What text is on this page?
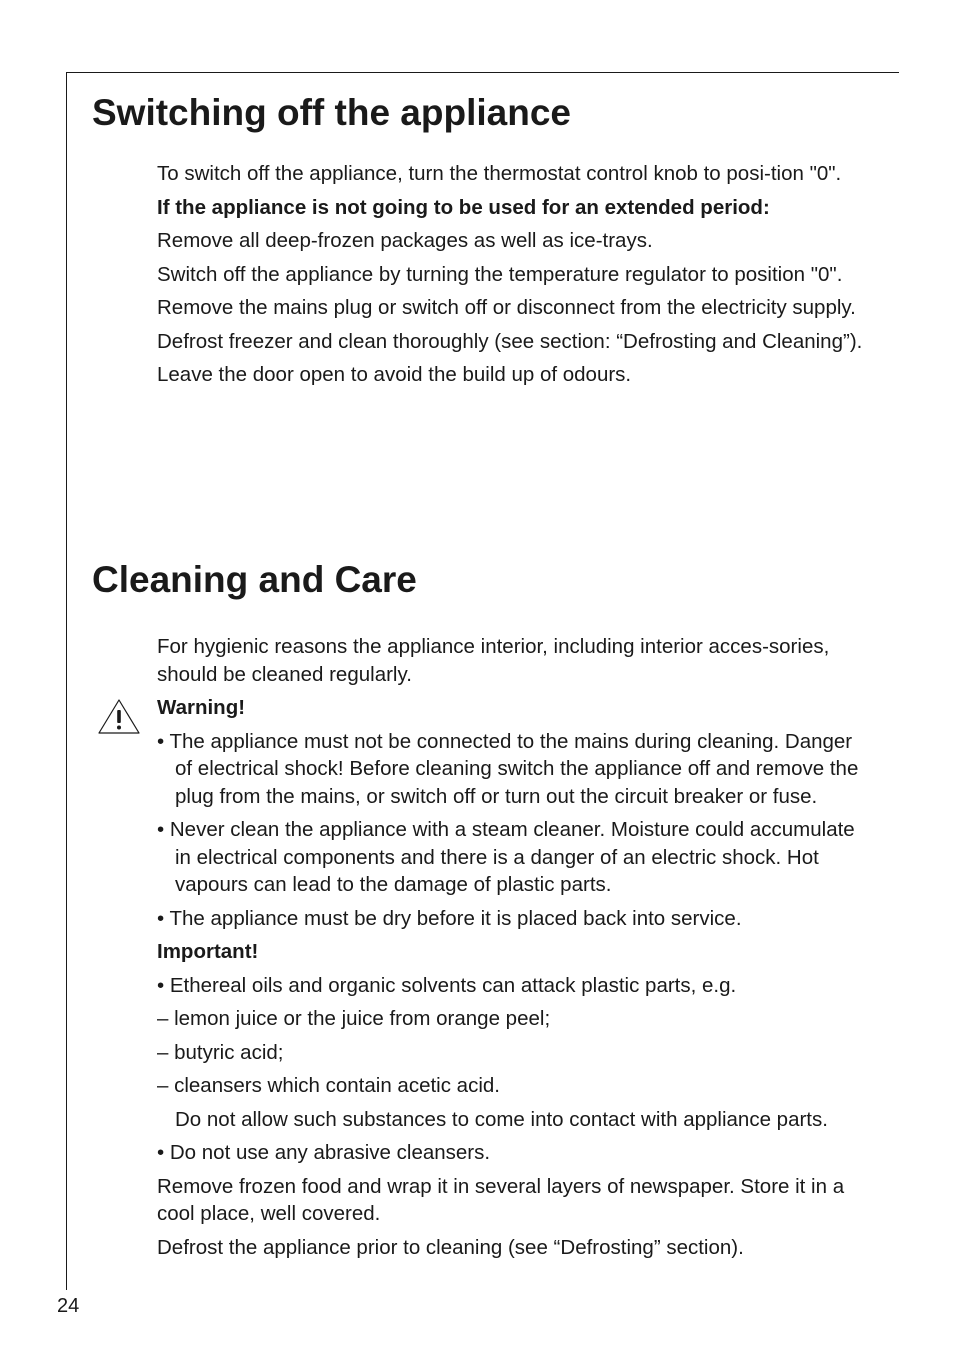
Switching off the appliance

To switch off the appliance, turn the thermostat control knob to posi-tion "0".

If the appliance is not going to be used for an extended period:

Remove all deep-frozen packages as well as ice-trays.

Switch off the appliance by turning the temperature regulator to position "0".

Remove the mains plug or switch off or disconnect from the electricity supply.

Defrost freezer and clean thoroughly (see section: “Defrosting and Cleaning”).

Leave the door open to avoid the build up of odours.

Cleaning and Care

For hygienic reasons the appliance interior, including interior acces-sories, should be cleaned regularly.

Warning!

• The appliance must not be connected to the mains during cleaning. Danger of electrical shock! Before cleaning switch the appliance off and remove the plug from the mains, or switch off or turn out the circuit breaker or fuse.

• Never clean the appliance with a steam cleaner. Moisture could accumulate in electrical components and there is a danger of an electric shock. Hot vapours can lead to the damage of plastic parts.

• The appliance must be dry before it is placed back into service.

Important!

• Ethereal oils and organic solvents can attack plastic parts, e.g.

– lemon juice or the juice from orange peel;

– butyric acid;

– cleansers which contain acetic acid.

Do not allow such substances to come into contact with appliance parts.

• Do not use any abrasive cleansers.

Remove frozen food and wrap it in several layers of newspaper. Store it in a cool place, well covered.

Defrost the appliance prior to cleaning (see “Defrosting” section).

24
